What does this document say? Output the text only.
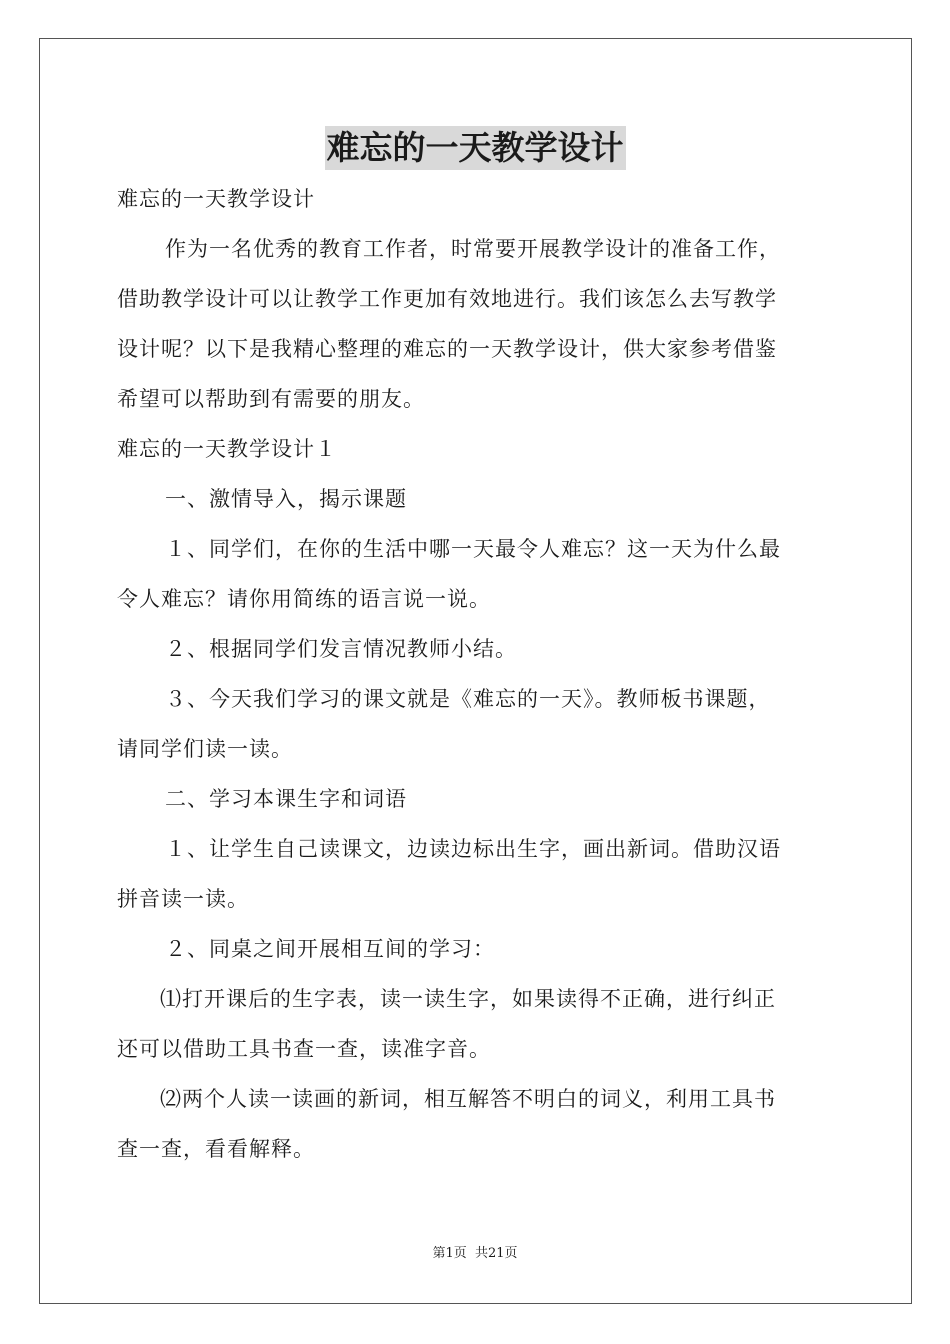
难忘的一天教学设计
难忘的一天教学设计
作为一名优秀的教育工作者，时常要开展教学设计的准备工作，
借助教学设计可以让教学工作更加有效地进行。我们该怎么去写教学
设计呢？以下是我精心整理的难忘的一天教学设计，供大家参考借鉴
希望可以帮助到有需要的朋友。
难忘的一天教学设计１
一、激情导入，揭示课题
１、同学们，在你的生活中哪一天最令人难忘？这一天为什么最
令人难忘？请你用简练的语言说一说。
２、根据同学们发言情况教师小结。
３、今天我们学习的课文就是《难忘的一天》。教师板书课题，
请同学们读一读。
二、学习本课生字和词语
１、让学生自己读课文，边读边标出生字，画出新词。借助汉语
拼音读一读。
２、同桌之间开展相互间的学习：
⑴打开课后的生字表，读一读生字，如果读得不正确，进行纠正
还可以借助工具书查一查，读准字音。
⑵两个人读一读画的新词，相互解答不明白的词义，利用工具书
查一查，看看解释。
第1页 共21页
